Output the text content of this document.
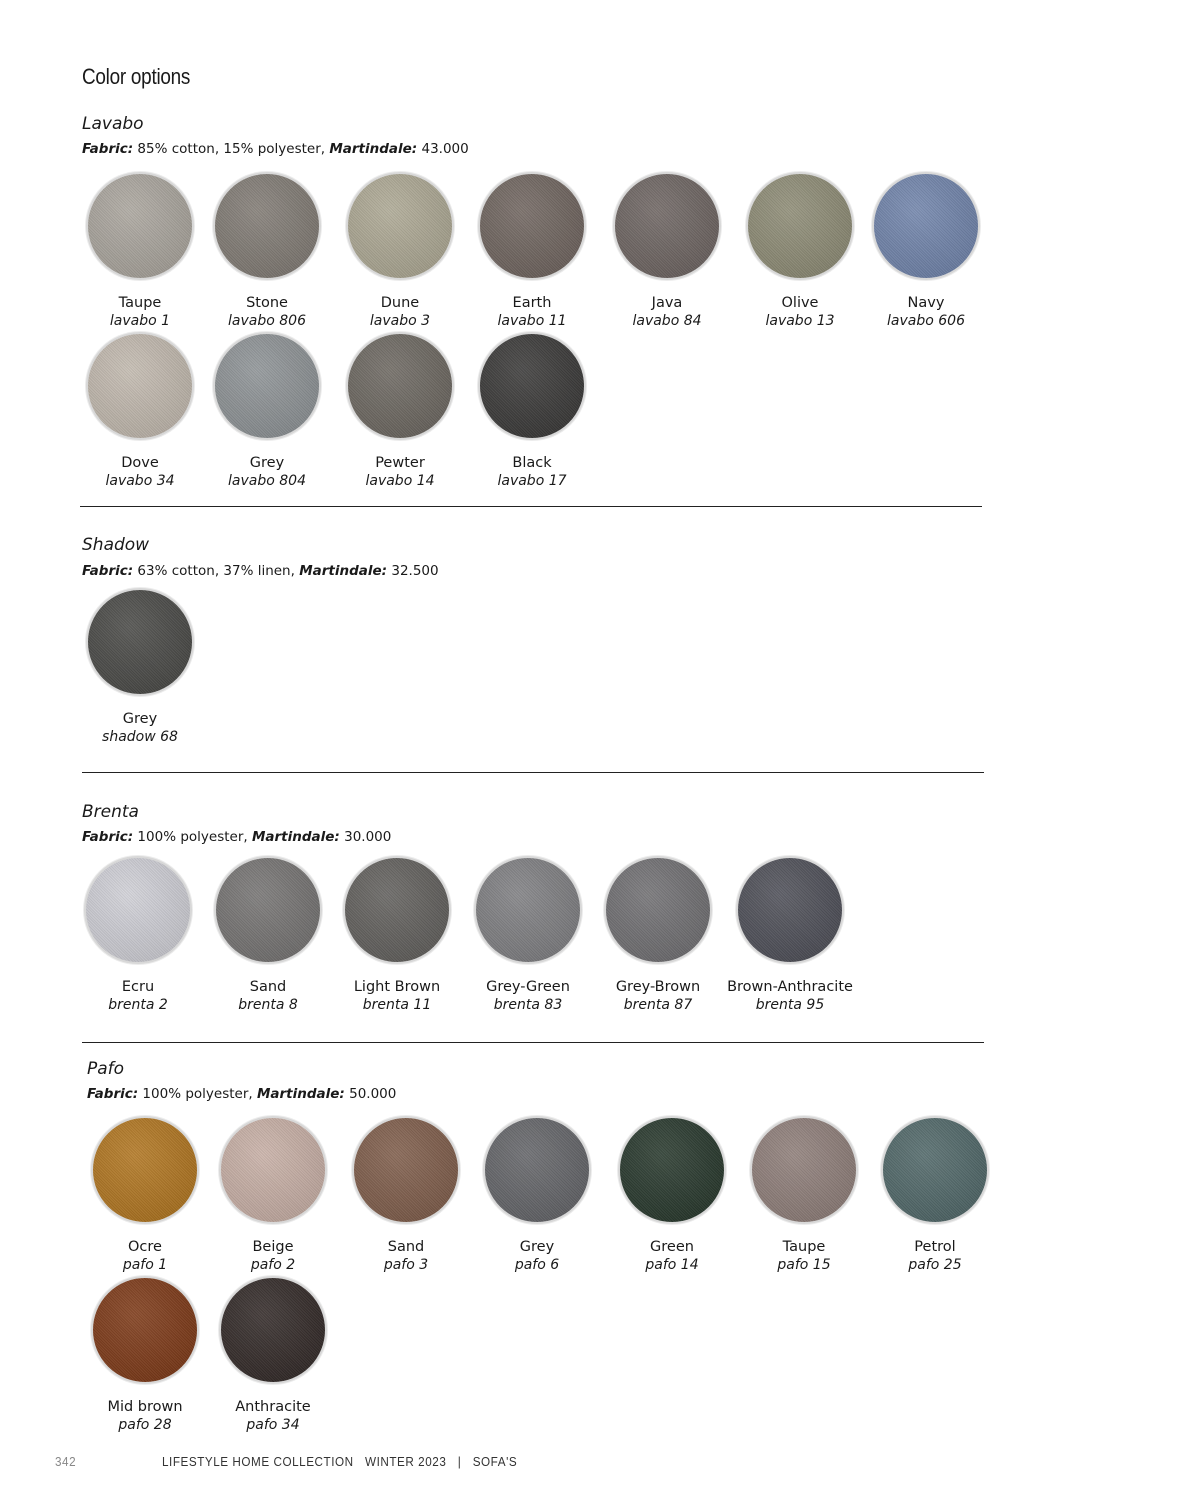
Color options
Lavabo
Fabric: 85% cotton, 15% polyester, Martindale: 43.000
Taupe
lavabo 1
Stone
lavabo 806
Dune
lavabo 3
Earth
lavabo 11
Java
lavabo 84
Olive
lavabo 13
Navy
lavabo 606
Dove
lavabo 34
Grey
lavabo 804
Pewter
lavabo 14
Black
lavabo 17
Shadow
Fabric: 63% cotton, 37% linen, Martindale: 32.500
Grey
shadow 68
Brenta
Fabric: 100% polyester, Martindale: 30.000
Ecru
brenta 2
Sand
brenta 8
Light Brown
brenta 11
Grey-Green
brenta 83
Grey-Brown
brenta 87
Brown-Anthracite
brenta 95
Pafo
Fabric: 100% polyester, Martindale: 50.000
Ocre
pafo 1
Beige
pafo 2
Sand
pafo 3
Grey
pafo 6
Green
pafo 14
Taupe
pafo 15
Petrol
pafo 25
Mid brown
pafo 28
Anthracite
pafo 34
342	LIFESTYLE HOME COLLECTION   WINTER 2023   |   SOFA'S
